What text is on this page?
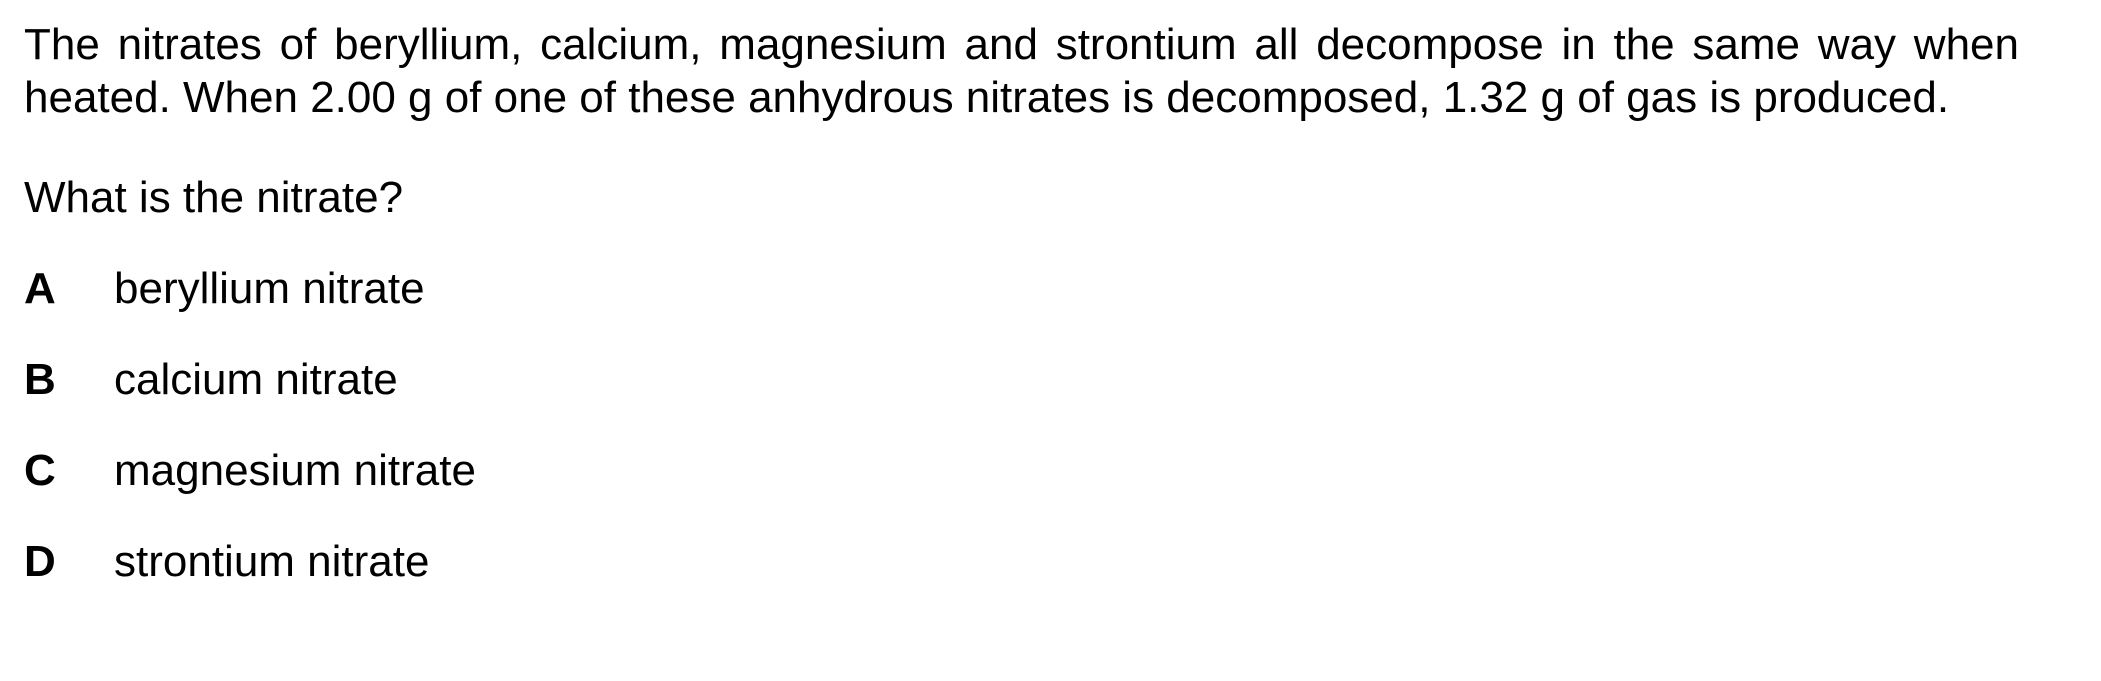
The nitrates of beryllium, calcium, magnesium and strontium all decompose in the same way when heated. When 2.00 g of one of these anhydrous nitrates is decomposed, 1.32 g of gas is produced.

What is the nitrate?

A	beryllium nitrate
B	calcium nitrate
C	magnesium nitrate
D	strontium nitrate
